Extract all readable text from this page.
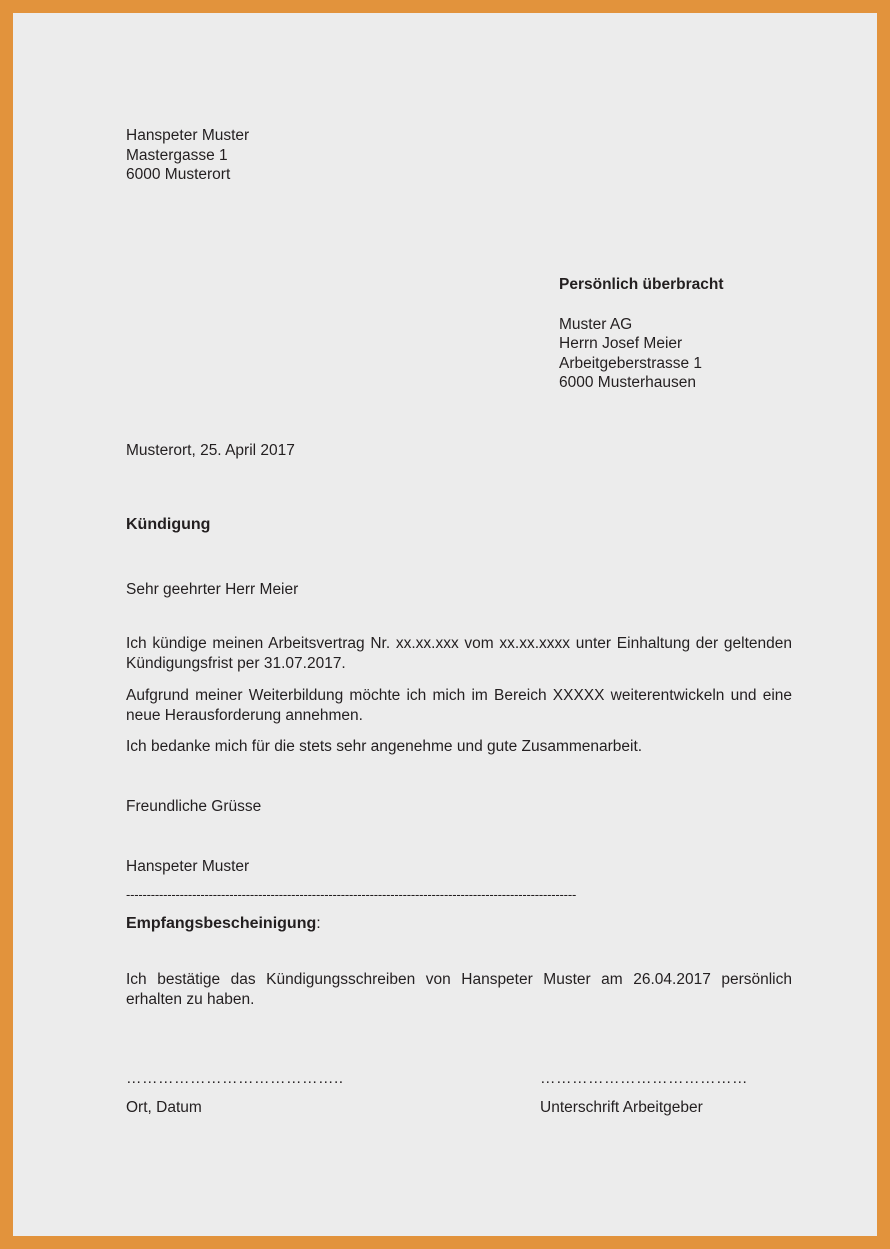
Hanspeter Muster
Mastergasse 1
6000 Musterort
Persönlich überbracht
Muster AG
Herrn Josef Meier
Arbeitgeberstrasse 1
6000 Musterhausen
Musterort, 25. April 2017
Kündigung
Sehr geehrter Herr Meier
Ich kündige meinen Arbeitsvertrag Nr. xx.xx.xxx vom xx.xx.xxxx unter Einhaltung der geltenden Kündigungsfrist per 31.07.2017.
Aufgrund meiner Weiterbildung möchte ich mich im Bereich XXXXX weiterentwickeln und eine neue Herausforderung annehmen.
Ich bedanke mich für die stets sehr angenehme und gute Zusammenarbeit.
Freundliche Grüsse
Hanspeter Muster
-------------------------------------------------------------------------------------------------------------
Empfangsbescheinigung:
Ich bestätige das Kündigungsschreiben von Hanspeter Muster am 26.04.2017 persönlich erhalten zu haben.
…………………………………..	…………………………………
Ort, Datum	Unterschrift Arbeitgeber
